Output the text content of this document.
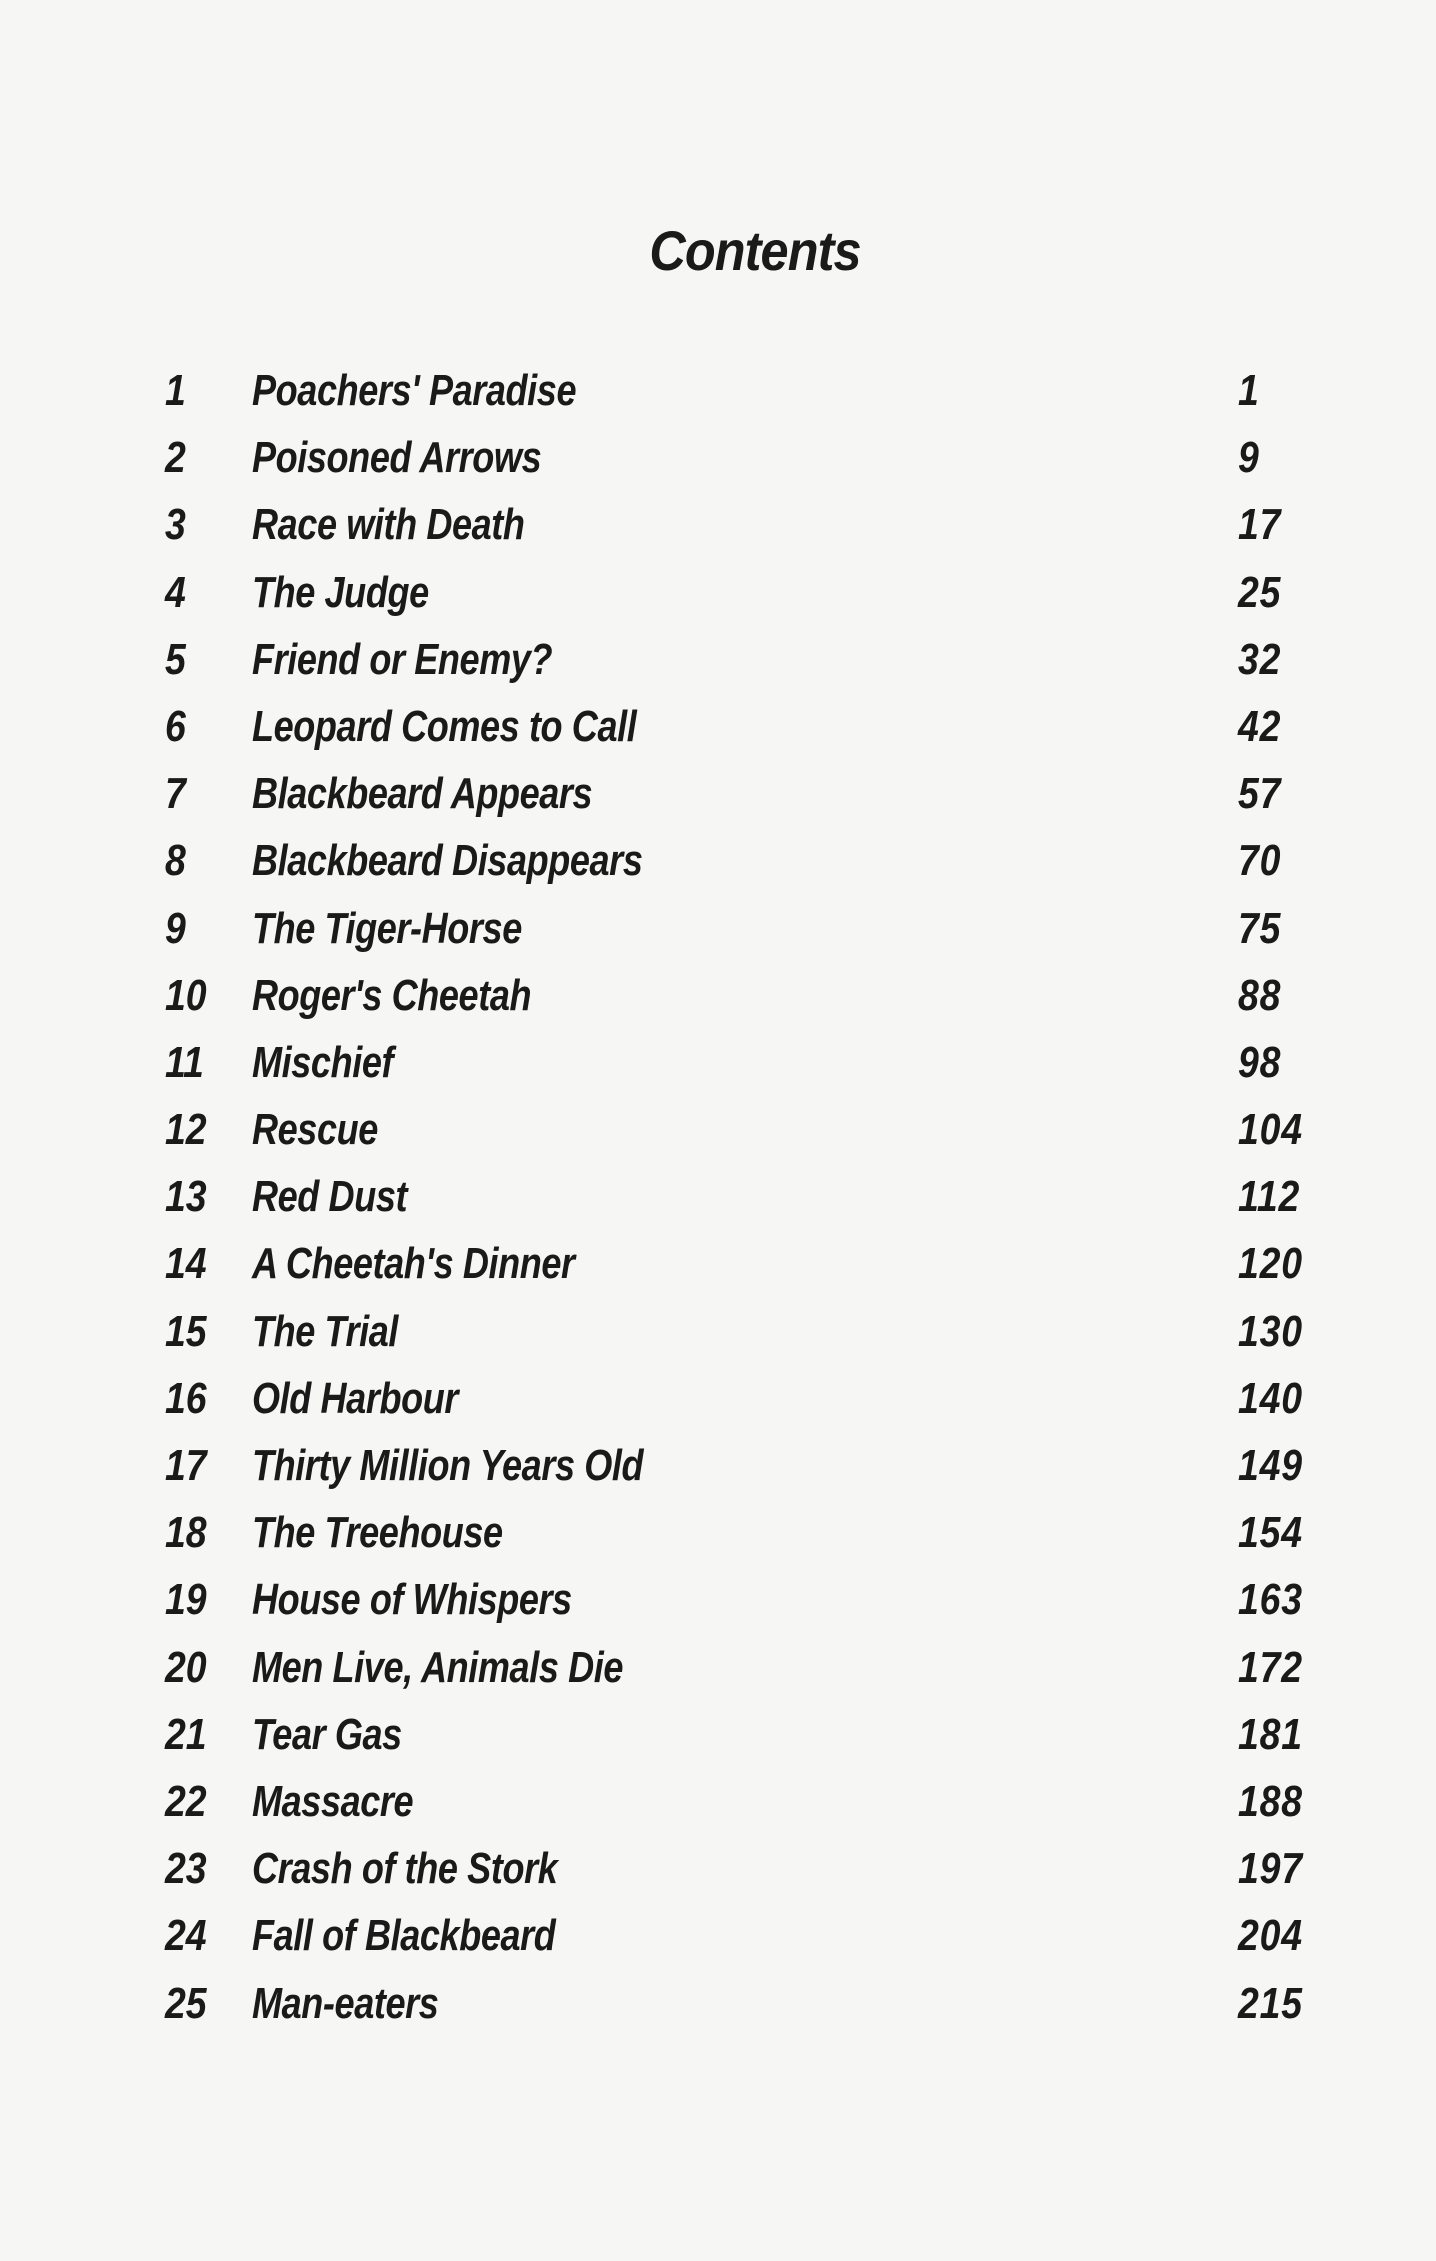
Contents
1	Poachers' Paradise	1
2	Poisoned Arrows	9
3	Race with Death	17
4	The Judge	25
5	Friend or Enemy?	32
6	Leopard Comes to Call	42
7	Blackbeard Appears	57
8	Blackbeard Disappears	70
9	The Tiger-Horse	75
10	Roger's Cheetah	88
11	Mischief	98
12	Rescue	104
13	Red Dust	112
14	A Cheetah's Dinner	120
15	The Trial	130
16	Old Harbour	140
17	Thirty Million Years Old	149
18	The Treehouse	154
19	House of Whispers	163
20	Men Live, Animals Die	172
21	Tear Gas	181
22	Massacre	188
23	Crash of the Stork	197
24	Fall of Blackbeard	204
25	Man-eaters	215
